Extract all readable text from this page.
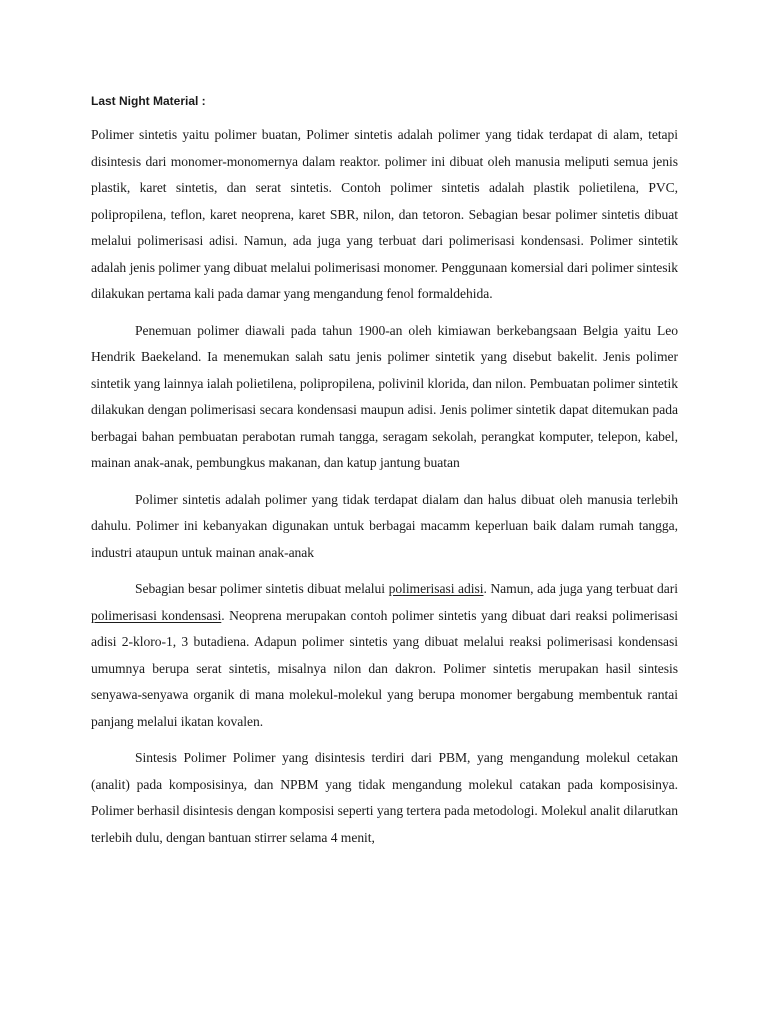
Last Night Material :

Polimer sintetis yaitu polimer buatan, Polimer sintetis adalah polimer yang tidak terdapat di alam, tetapi disintesis dari monomer-monomernya dalam reaktor. polimer ini dibuat oleh manusia meliputi semua jenis plastik, karet sintetis, dan serat sintetis. Contoh polimer sintetis adalah plastik polietilena, PVC, polipropilena, teflon, karet neoprena, karet SBR, nilon, dan tetoron. Sebagian besar polimer sintetis dibuat melalui polimerisasi adisi. Namun, ada juga yang terbuat dari polimerisasi kondensasi. Polimer sintetik adalah jenis polimer yang dibuat melalui polimerisasi monomer. Penggunaan komersial dari polimer sintesik dilakukan pertama kali pada damar yang mengandung fenol formaldehida.

Penemuan polimer diawali pada tahun 1900-an oleh kimiawan berkebangsaan Belgia yaitu Leo Hendrik Baekeland. Ia menemukan salah satu jenis polimer sintetik yang disebut bakelit. Jenis polimer sintetik yang lainnya ialah polietilena, polipropilena, polivinil klorida, dan nilon. Pembuatan polimer sintetik dilakukan dengan polimerisasi secara kondensasi maupun adisi. Jenis polimer sintetik dapat ditemukan pada berbagai bahan pembuatan perabotan rumah tangga, seragam sekolah, perangkat komputer, telepon, kabel, mainan anak-anak, pembungkus makanan, dan katup jantung buatan

Polimer sintetis adalah polimer yang tidak terdapat dialam dan halus dibuat oleh manusia terlebih dahulu. Polimer ini kebanyakan digunakan untuk berbagai macamm keperluan baik dalam rumah tangga, industri ataupun untuk mainan anak-anak

Sebagian besar polimer sintetis dibuat melalui polimerisasi adisi. Namun, ada juga yang terbuat dari polimerisasi kondensasi. Neoprena merupakan contoh polimer sintetis yang dibuat dari reaksi polimerisasi adisi 2-kloro-1, 3 butadiena. Adapun polimer sintetis yang dibuat melalui reaksi polimerisasi kondensasi umumnya berupa serat sintetis, misalnya nilon dan dakron. Polimer sintetis merupakan hasil sintesis senyawa-senyawa organik di mana molekul-molekul yang berupa monomer bergabung membentuk rantai panjang melalui ikatan kovalen.

Sintesis Polimer Polimer yang disintesis terdiri dari PBM, yang mengandung molekul cetakan (analit) pada komposisinya, dan NPBM yang tidak mengandung molekul catakan pada komposisinya. Polimer berhasil disintesis dengan komposisi seperti yang tertera pada metodologi. Molekul analit dilarutkan terlebih dulu, dengan bantuan stirrer selama 4 menit,
